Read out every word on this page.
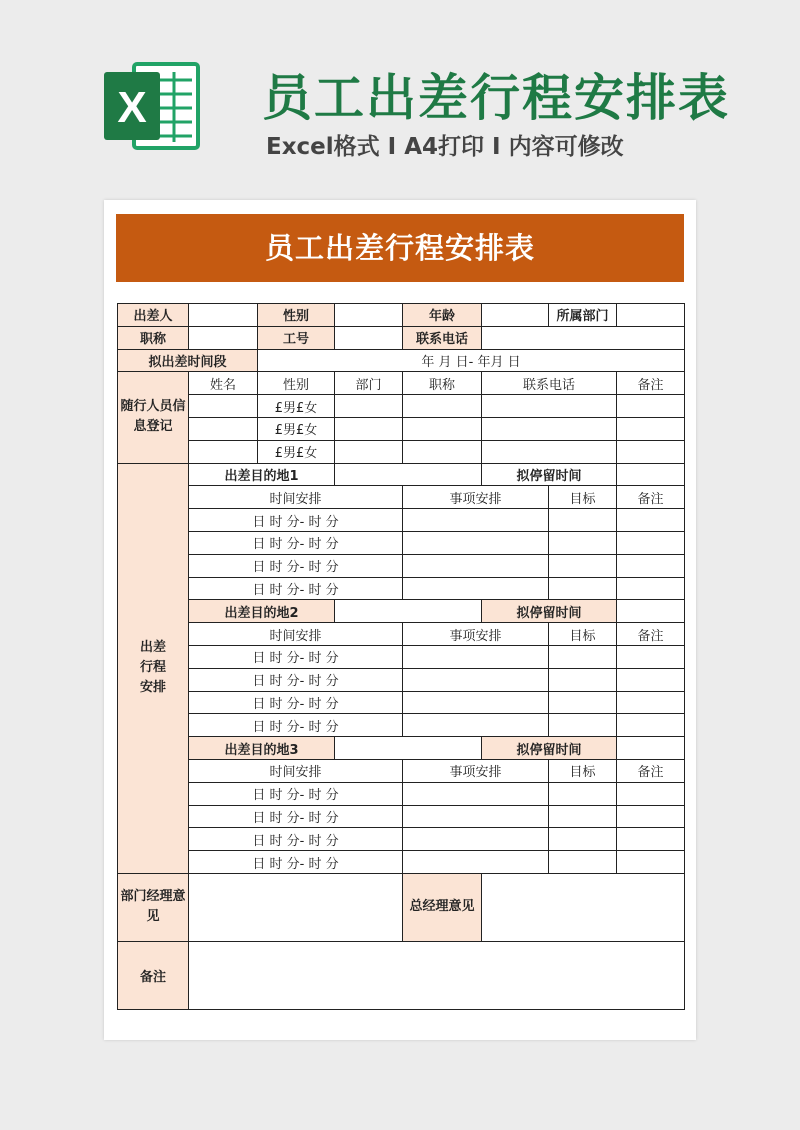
X 员工出差行程安排表
Excel格式 I A4打印 I 内容可修改
员工出差行程安排表
出差人		性别		年龄		所属部门	
职称		工号		联系电话			
拟出差时间段		年 月 日- 年月 日					
随行人员信息登记	姓名	性别	部门	职称	联系电话		备注
		£男£女					
		£男£女					
		£男£女					
出差行程安排	出差目的地1				拟停留时间		
	时间安排			事项安排		目标	备注
	日 时 分- 时 分						
	日 时 分- 时 分						
	日 时 分- 时 分						
	日 时 分- 时 分						
	出差目的地2				拟停留时间		
	时间安排			事项安排		目标	备注
	日 时 分- 时 分						
	日 时 分- 时 分						
	日 时 分- 时 分						
	日 时 分- 时 分						
	出差目的地3				拟停留时间		
	时间安排			事项安排		目标	备注
	日 时 分- 时 分						
	日 时 分- 时 分						
	日 时 分- 时 分						
	日 时 分- 时 分						
部门经理意见				总经理意见			
备注							
